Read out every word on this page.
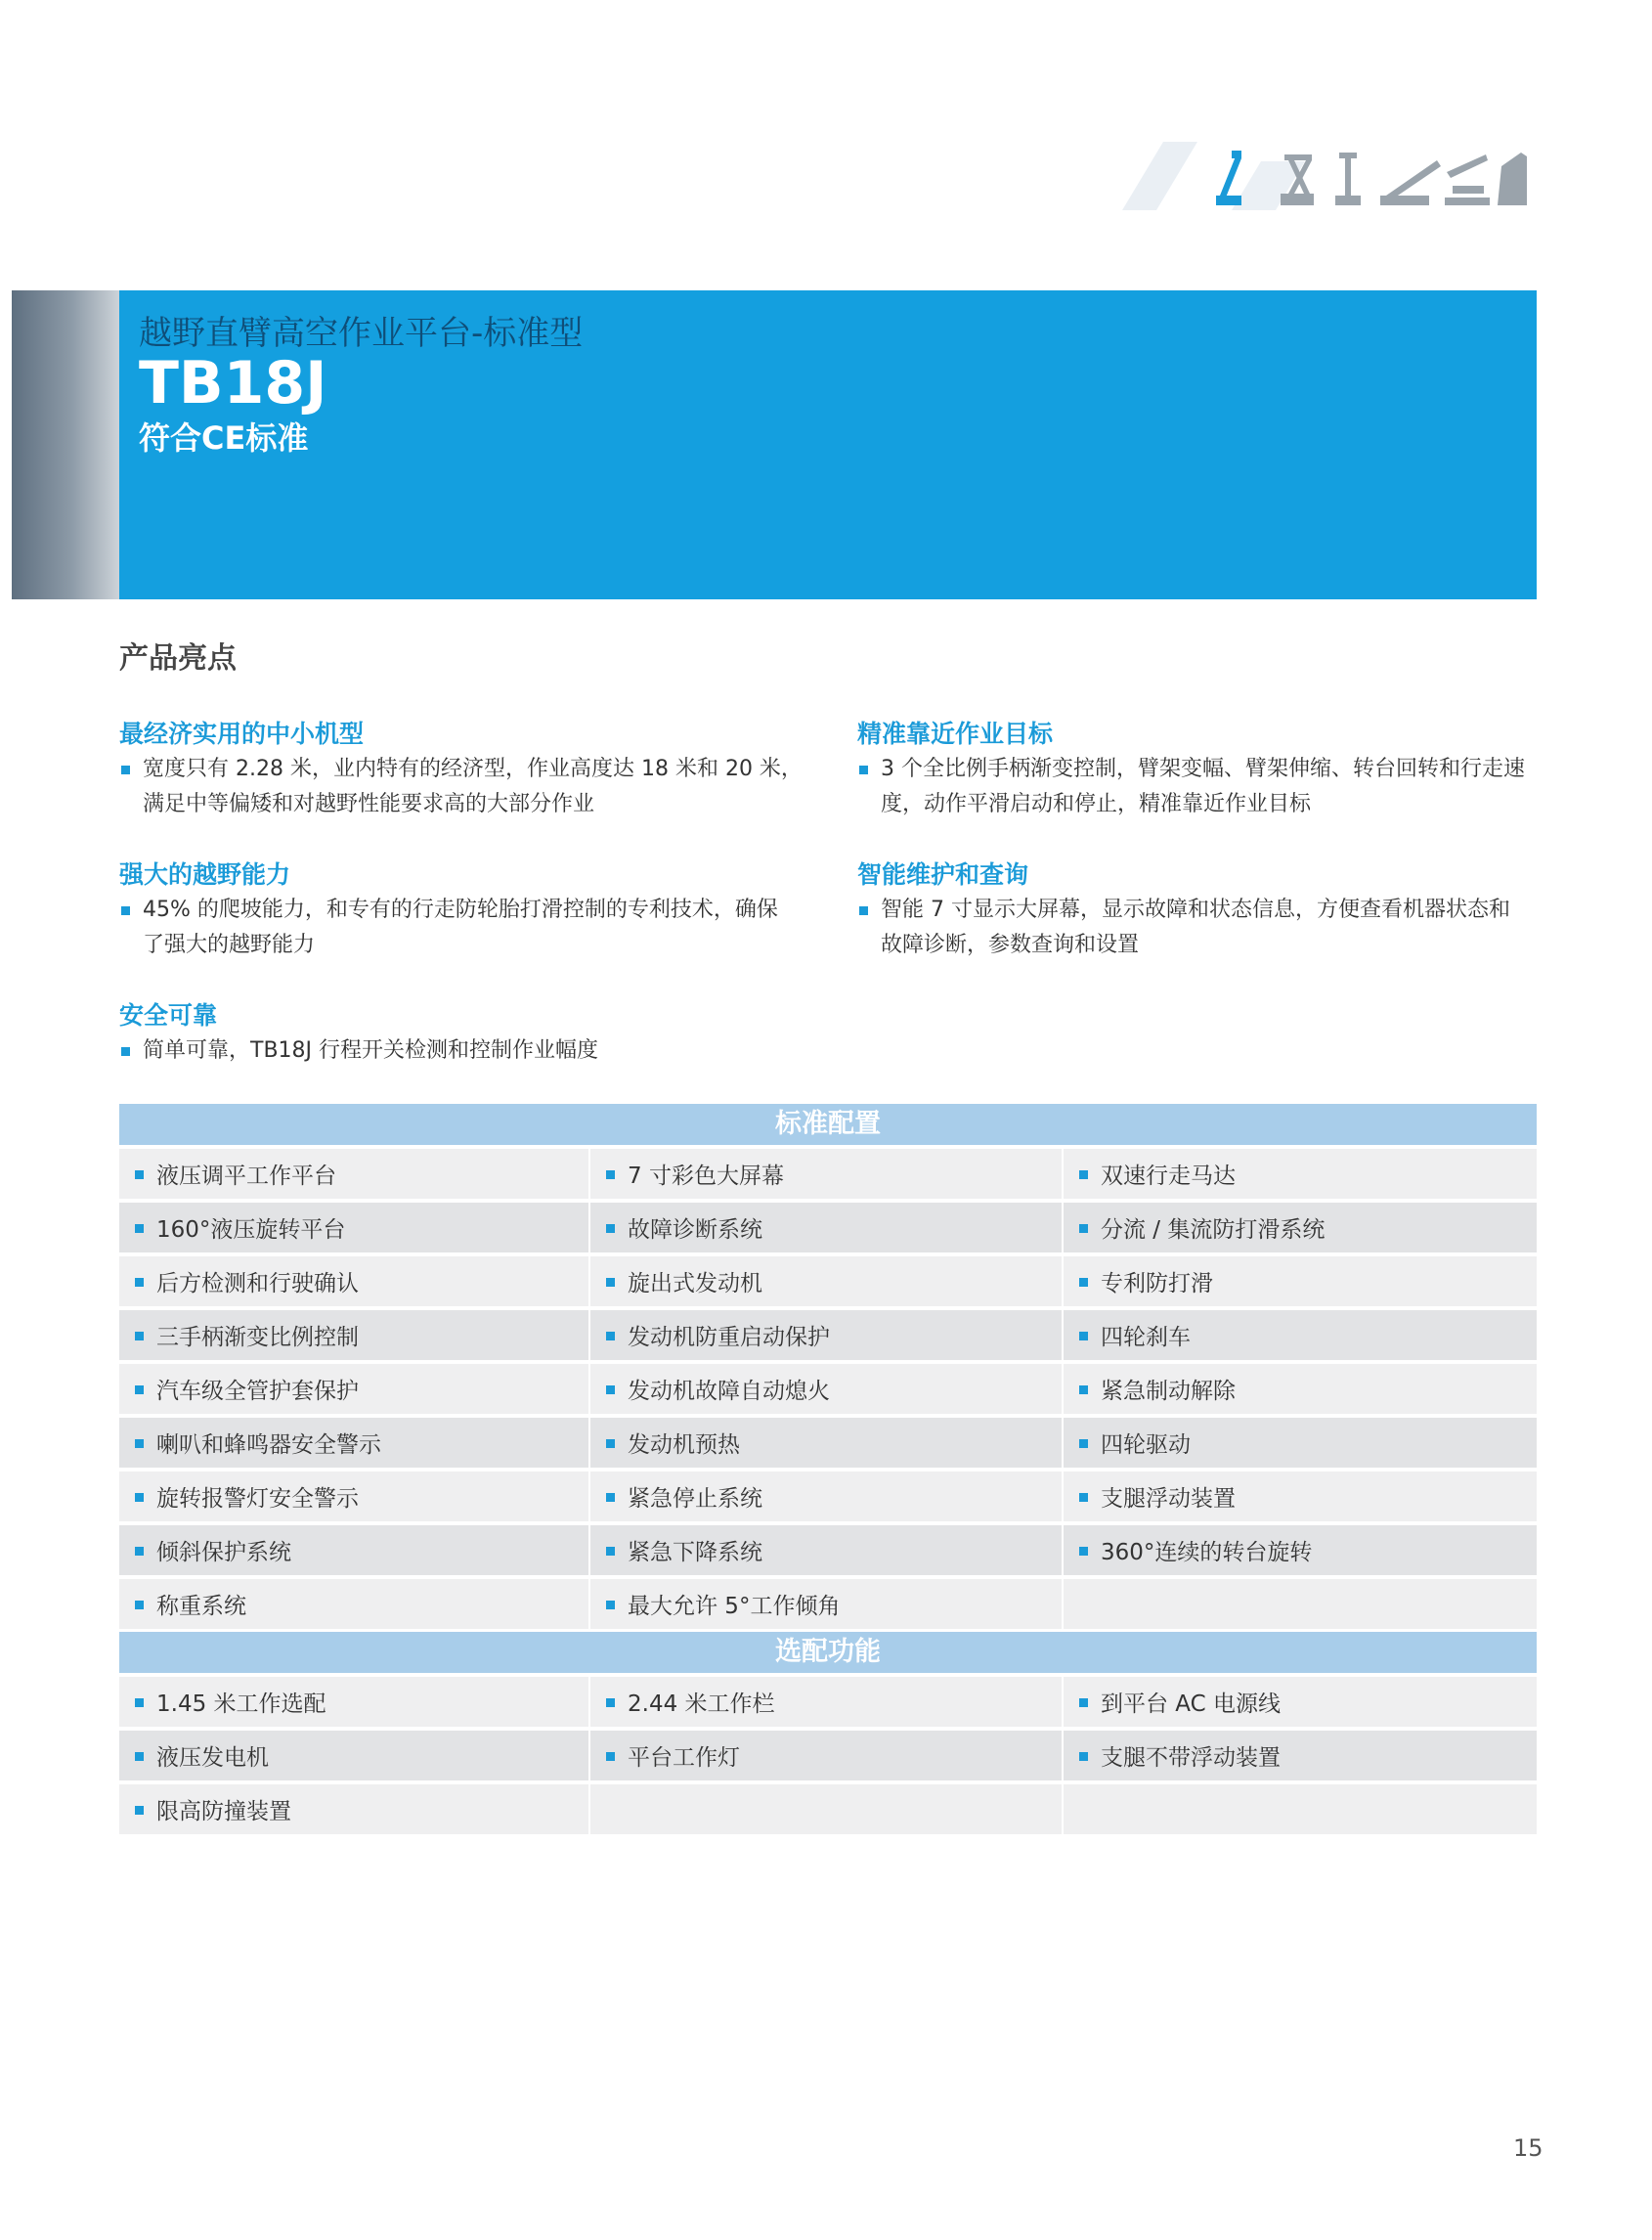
越野直臂高空作业平台-标准型
TB18J
符合CE标准
产品亮点
最经济实用的中小机型
宽度只有 2.28 米，业内特有的经济型，作业高度达 18 米和 20 米，
满足中等偏矮和对越野性能要求高的大部分作业
精准靠近作业目标
3 个全比例手柄渐变控制，臂架变幅、臂架伸缩、转台回转和行走速
度，动作平滑启动和停止，精准靠近作业目标
强大的越野能力
45% 的爬坡能力，和专有的行走防轮胎打滑控制的专利技术，确保
了强大的越野能力
智能维护和查询
智能 7 寸显示大屏幕，显示故障和状态信息，方便查看机器状态和
故障诊断，参数查询和设置
安全可靠
简单可靠，TB18J 行程开关检测和控制作业幅度
标准配置
液压调平工作平台	7 寸彩色大屏幕	双速行走马达
160°液压旋转平台	故障诊断系统	分流 / 集流防打滑系统
后方检测和行驶确认	旋出式发动机	专利防打滑
三手柄渐变比例控制	发动机防重启动保护	四轮刹车
汽车级全管护套保护	发动机故障自动熄火	紧急制动解除
喇叭和蜂鸣器安全警示	发动机预热	四轮驱动
旋转报警灯安全警示	紧急停止系统	支腿浮动装置
倾斜保护系统	紧急下降系统	360°连续的转台旋转
称重系统	最大允许 5°工作倾角
选配功能
1.45 米工作选配	2.44 米工作栏	到平台 AC 电源线
液压发电机	平台工作灯	支腿不带浮动装置
限高防撞装置
15
